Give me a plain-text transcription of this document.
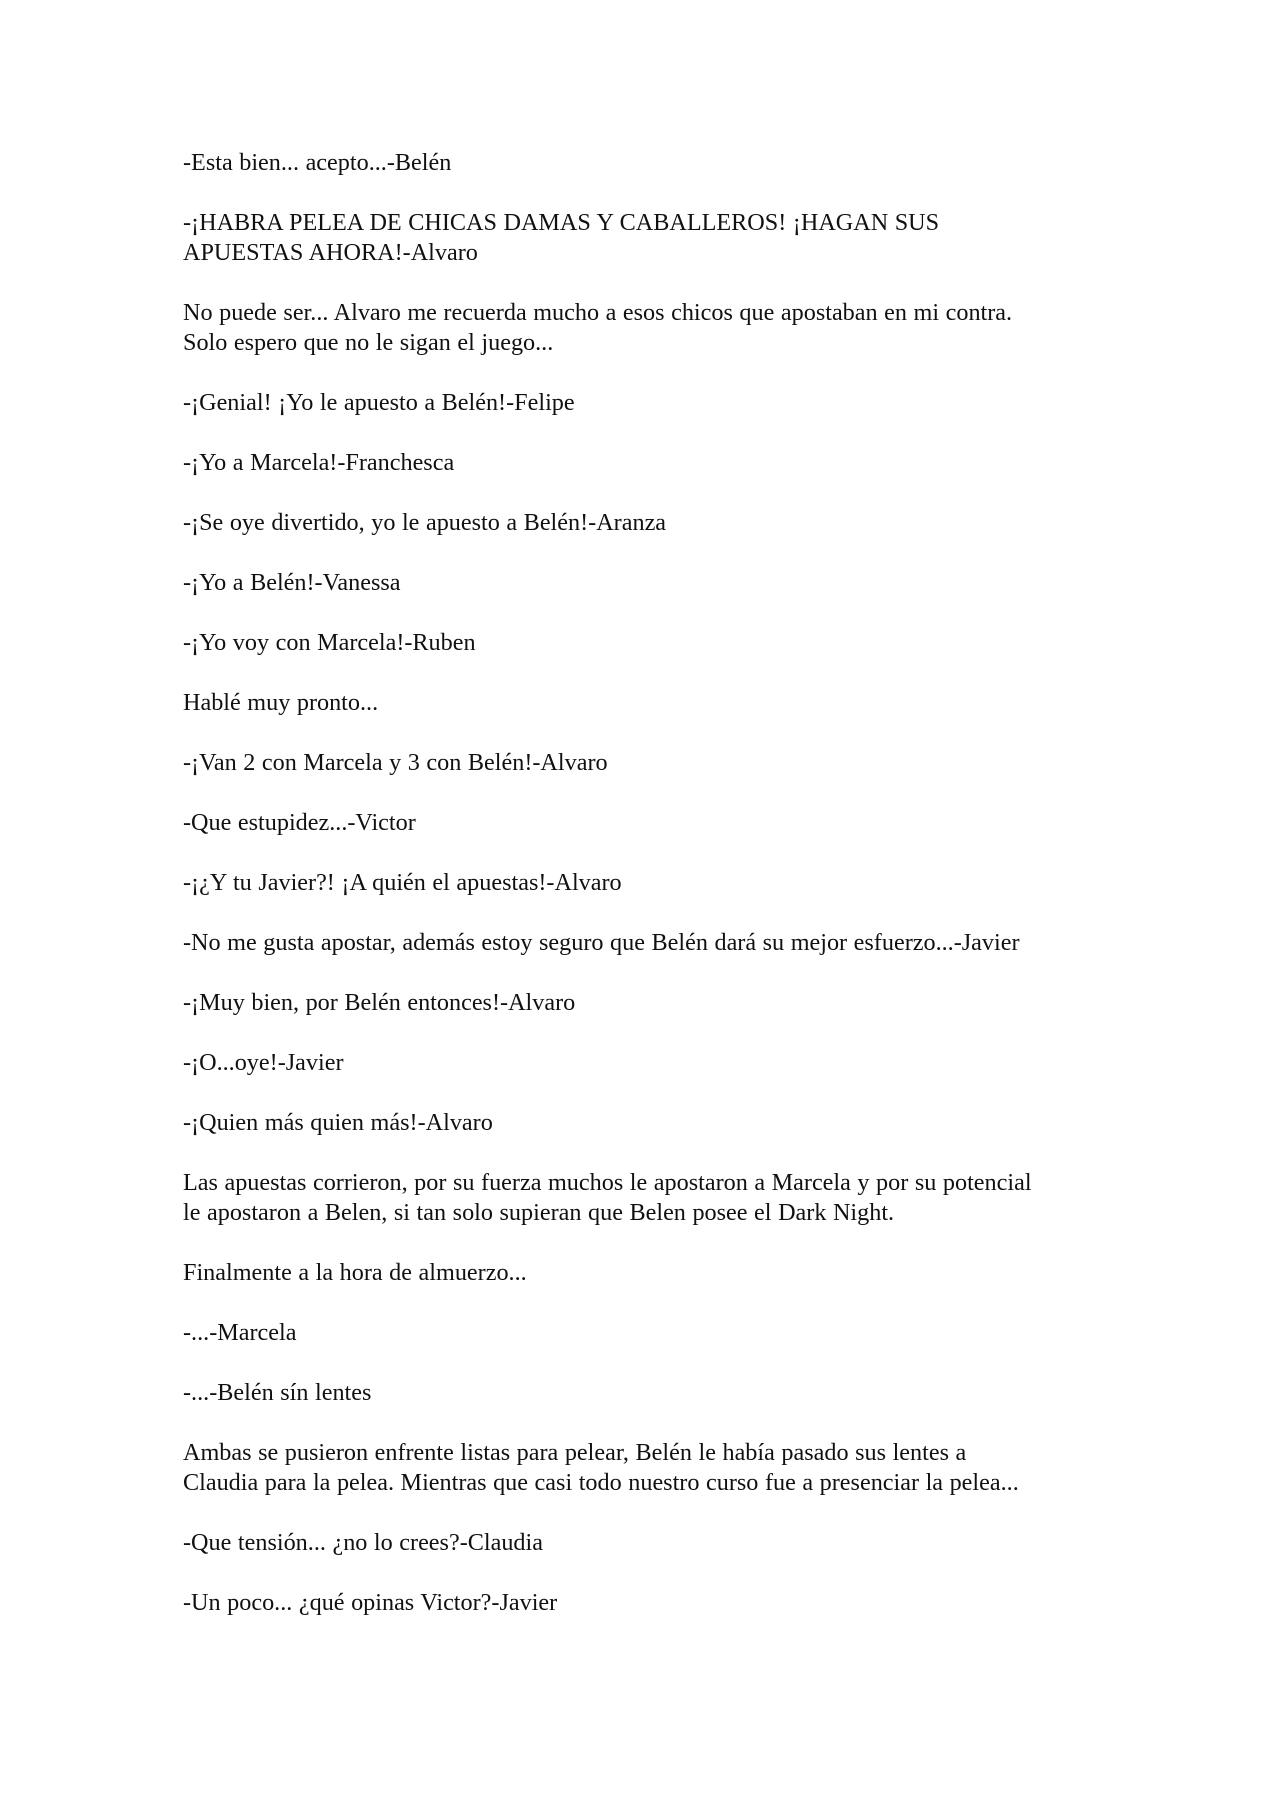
-Esta bien... acepto...-Belén

-¡HABRA PELEA DE CHICAS DAMAS Y CABALLEROS! ¡HAGAN SUS
APUESTAS AHORA!-Alvaro

No puede ser... Alvaro me recuerda mucho a esos chicos que apostaban en mi contra.
Solo espero que no le sigan el juego...

-¡Genial! ¡Yo le apuesto a Belén!-Felipe

-¡Yo a Marcela!-Franchesca

-¡Se oye divertido, yo le apuesto a Belén!-Aranza

-¡Yo a Belén!-Vanessa

-¡Yo voy con Marcela!-Ruben

Hablé muy pronto...

-¡Van 2 con Marcela y 3 con Belén!-Alvaro

-Que estupidez...-Victor

-¡¿Y tu Javier?! ¡A quién el apuestas!-Alvaro

-No me gusta apostar, además estoy seguro que Belén dará su mejor esfuerzo...-Javier

-¡Muy bien, por Belén entonces!-Alvaro

-¡O...oye!-Javier

-¡Quien más quien más!-Alvaro

Las apuestas corrieron, por su fuerza muchos le apostaron a Marcela y por su potencial
le apostaron a Belen, si tan solo supieran que Belen posee el Dark Night.

Finalmente a la hora de almuerzo...

-...-Marcela

-...-Belén sín lentes

Ambas se pusieron enfrente listas para pelear, Belén le había pasado sus lentes a
Claudia para la pelea. Mientras que casi todo nuestro curso fue a presenciar la pelea...

-Que tensión... ¿no lo crees?-Claudia

-Un poco... ¿qué opinas Victor?-Javier
